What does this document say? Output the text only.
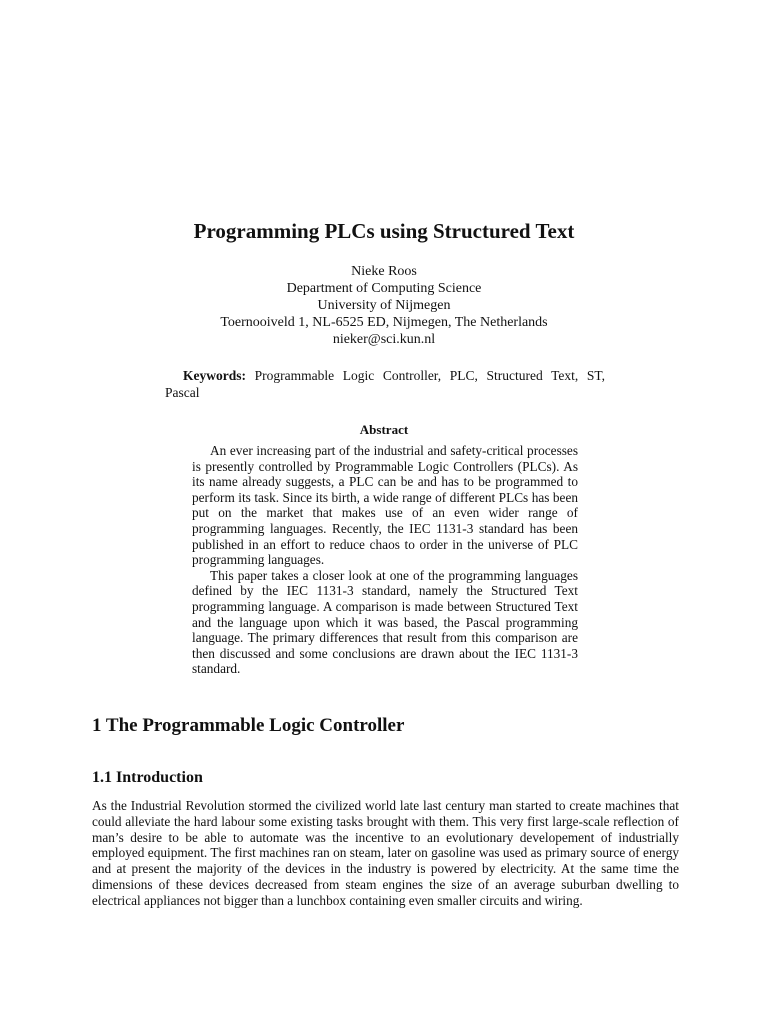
Programming PLCs using Structured Text
Nieke Roos
Department of Computing Science
University of Nijmegen
Toernooiveld 1, NL-6525 ED, Nijmegen, The Netherlands
nieker@sci.kun.nl
Keywords: Programmable Logic Controller, PLC, Structured Text, ST, Pascal
Abstract

An ever increasing part of the industrial and safety-critical processes is presently controlled by Programmable Logic Controllers (PLCs). As its name already suggests, a PLC can be and has to be programmed to perform its task. Since its birth, a wide range of different PLCs has been put on the market that makes use of an even wider range of programming languages. Recently, the IEC 1131-3 standard has been published in an effort to reduce chaos to order in the universe of PLC programming languages.

This paper takes a closer look at one of the programming languages defined by the IEC 1131-3 standard, namely the Structured Text programming language. A comparison is made between Structured Text and the language upon which it was based, the Pascal programming language. The primary differences that result from this comparison are then discussed and some conclusions are drawn about the IEC 1131-3 standard.

1 The Programmable Logic Controller
1.1 Introduction

As the Industrial Revolution stormed the civilized world late last century man started to create machines that could alleviate the hard labour some existing tasks brought with them. This very first large-scale reflection of man’s desire to be able to automate was the incentive to an evolutionary developement of industrially employed equipment. The first machines ran on steam, later on gasoline was used as primary source of energy and at present the majority of the devices in the industry is powered by electricity. At the same time the dimensions of these devices decreased from steam engines the size of an average suburban dwelling to electrical appliances not bigger than a lunchbox containing even smaller circuits and wiring.
